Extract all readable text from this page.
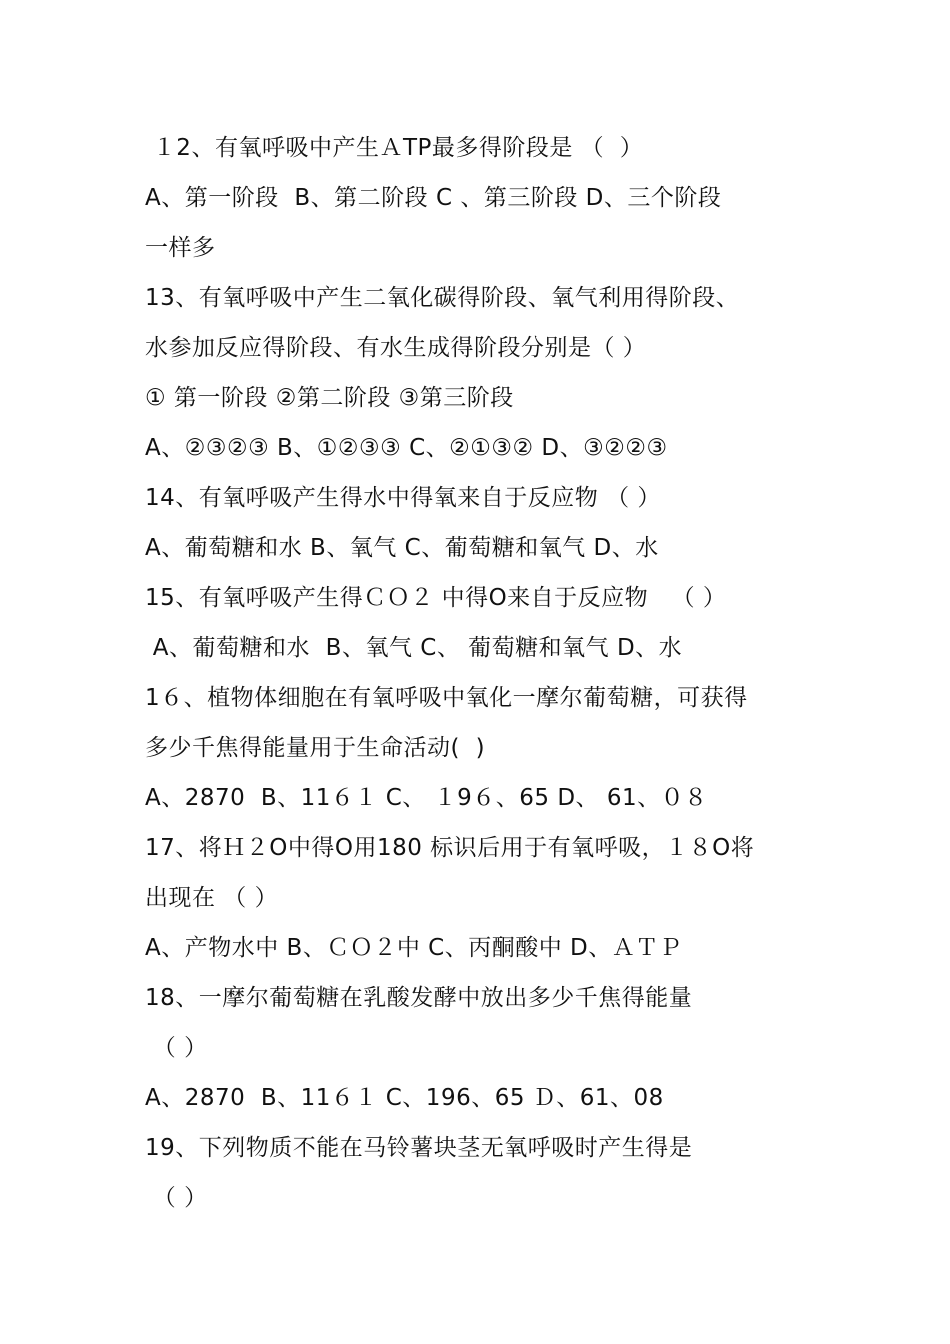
１2、有氧呼吸中产生ＡTP最多得阶段是 （  ）
A、第一阶段  B、第二阶段 C 、第三阶段 D、三个阶段
一样多
13、有氧呼吸中产生二氧化碳得阶段、氧气利用得阶段、
水参加反应得阶段、有水生成得阶段分别是（ ）
① 第一阶段 ②第二阶段 ③第三阶段
A、②③②③ B、①②③③ C、②①③② D、③②②③
14、有氧呼吸产生得水中得氧来自于反应物 （ ）
A、葡萄糖和水 B、氧气 C、葡萄糖和氧气 D、水
15、有氧呼吸产生得ＣＯ２ 中得O来自于反应物   （ ）
A、葡萄糖和水  B、氧气 C、 葡萄糖和氧气 D、水
1６、植物体细胞在有氧呼吸中氧化一摩尔葡萄糖，可获得
多少千焦得能量用于生命活动(  )
A、2870  B、11６１ C、 １9６、65 D、 61、０８
17、将Ｈ２O中得O用180 标识后用于有氧呼吸，１８O将
出现在 （ ）
A、产物水中 B、ＣＯ２中 C、丙酮酸中 D、ＡＴＰ
18、一摩尔葡萄糖在乳酸发酵中放出多少千焦得能量
（ ）
A、2870  B、11６１ C、196、65 Ｄ、61、08
19、下列物质不能在马铃薯块茎无氧呼吸时产生得是
（ ）
